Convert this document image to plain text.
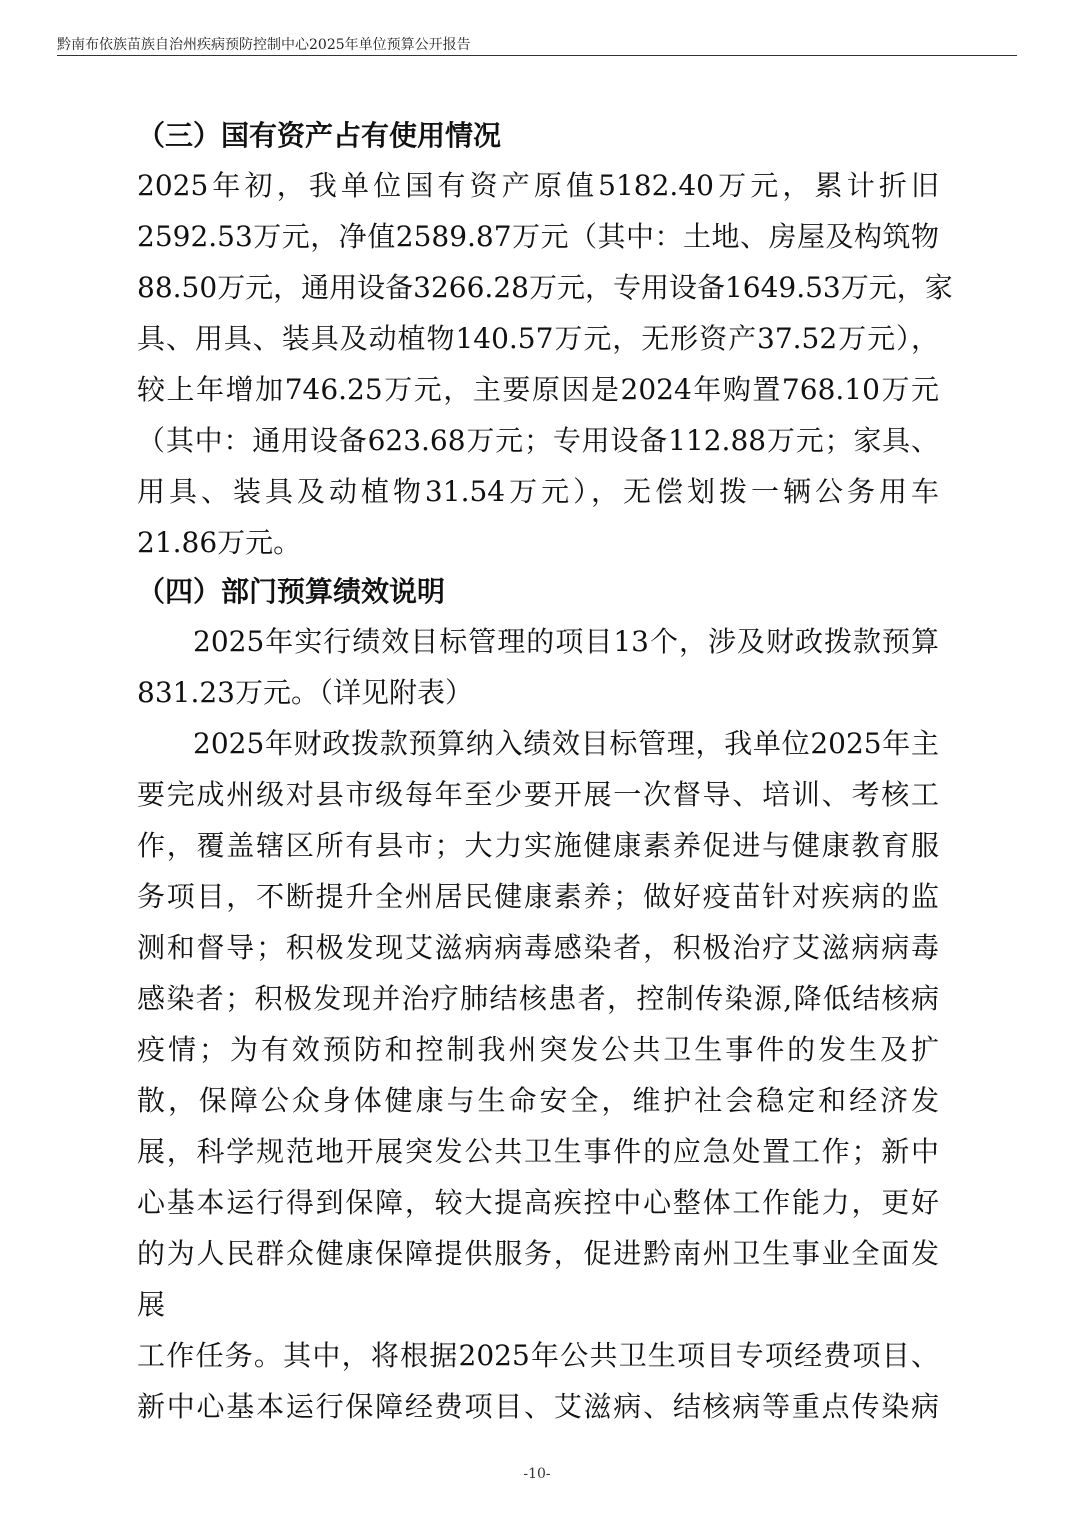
黔南布依族苗族自治州疾病预防控制中心2025年单位预算公开报告
（三）国有资产占有使用情况
2025年初，我单位国有资产原值5182.40万元，累计折旧
2592.53万元，净值2589.87万元（其中：土地、房屋及构筑物
88.50万元，通用设备3266.28万元，专用设备1649.53万元，家
具、用具、装具及动植物140.57万元，无形资产37.52万元），
较上年增加746.25万元，主要原因是2024年购置768.10万元
（其中：通用设备623.68万元；专用设备112.88万元；家具、
用具、装具及动植物31.54万元），无偿划拨一辆公务用车
21.86万元。
（四）部门预算绩效说明
2025年实行绩效目标管理的项目13个，涉及财政拨款预算
831.23万元。（详见附表）
2025年财政拨款预算纳入绩效目标管理，我单位2025年主
要完成州级对县市级每年至少要开展一次督导、培训、考核工
作，覆盖辖区所有县市；大力实施健康素养促进与健康教育服
务项目，不断提升全州居民健康素养；做好疫苗针对疾病的监
测和督导；积极发现艾滋病病毒感染者，积极治疗艾滋病病毒
感染者；积极发现并治疗肺结核患者，控制传染源,降低结核病
疫情；为有效预防和控制我州突发公共卫生事件的发生及扩
散，保障公众身体健康与生命安全，维护社会稳定和经济发
展，科学规范地开展突发公共卫生事件的应急处置工作；新中
心基本运行得到保障，较大提高疾控中心整体工作能力，更好
的为人民群众健康保障提供服务，促进黔南州卫生事业全面发
展
工作任务。其中，将根据2025年公共卫生项目专项经费项目、
新中心基本运行保障经费项目、艾滋病、结核病等重点传染病
-10-
